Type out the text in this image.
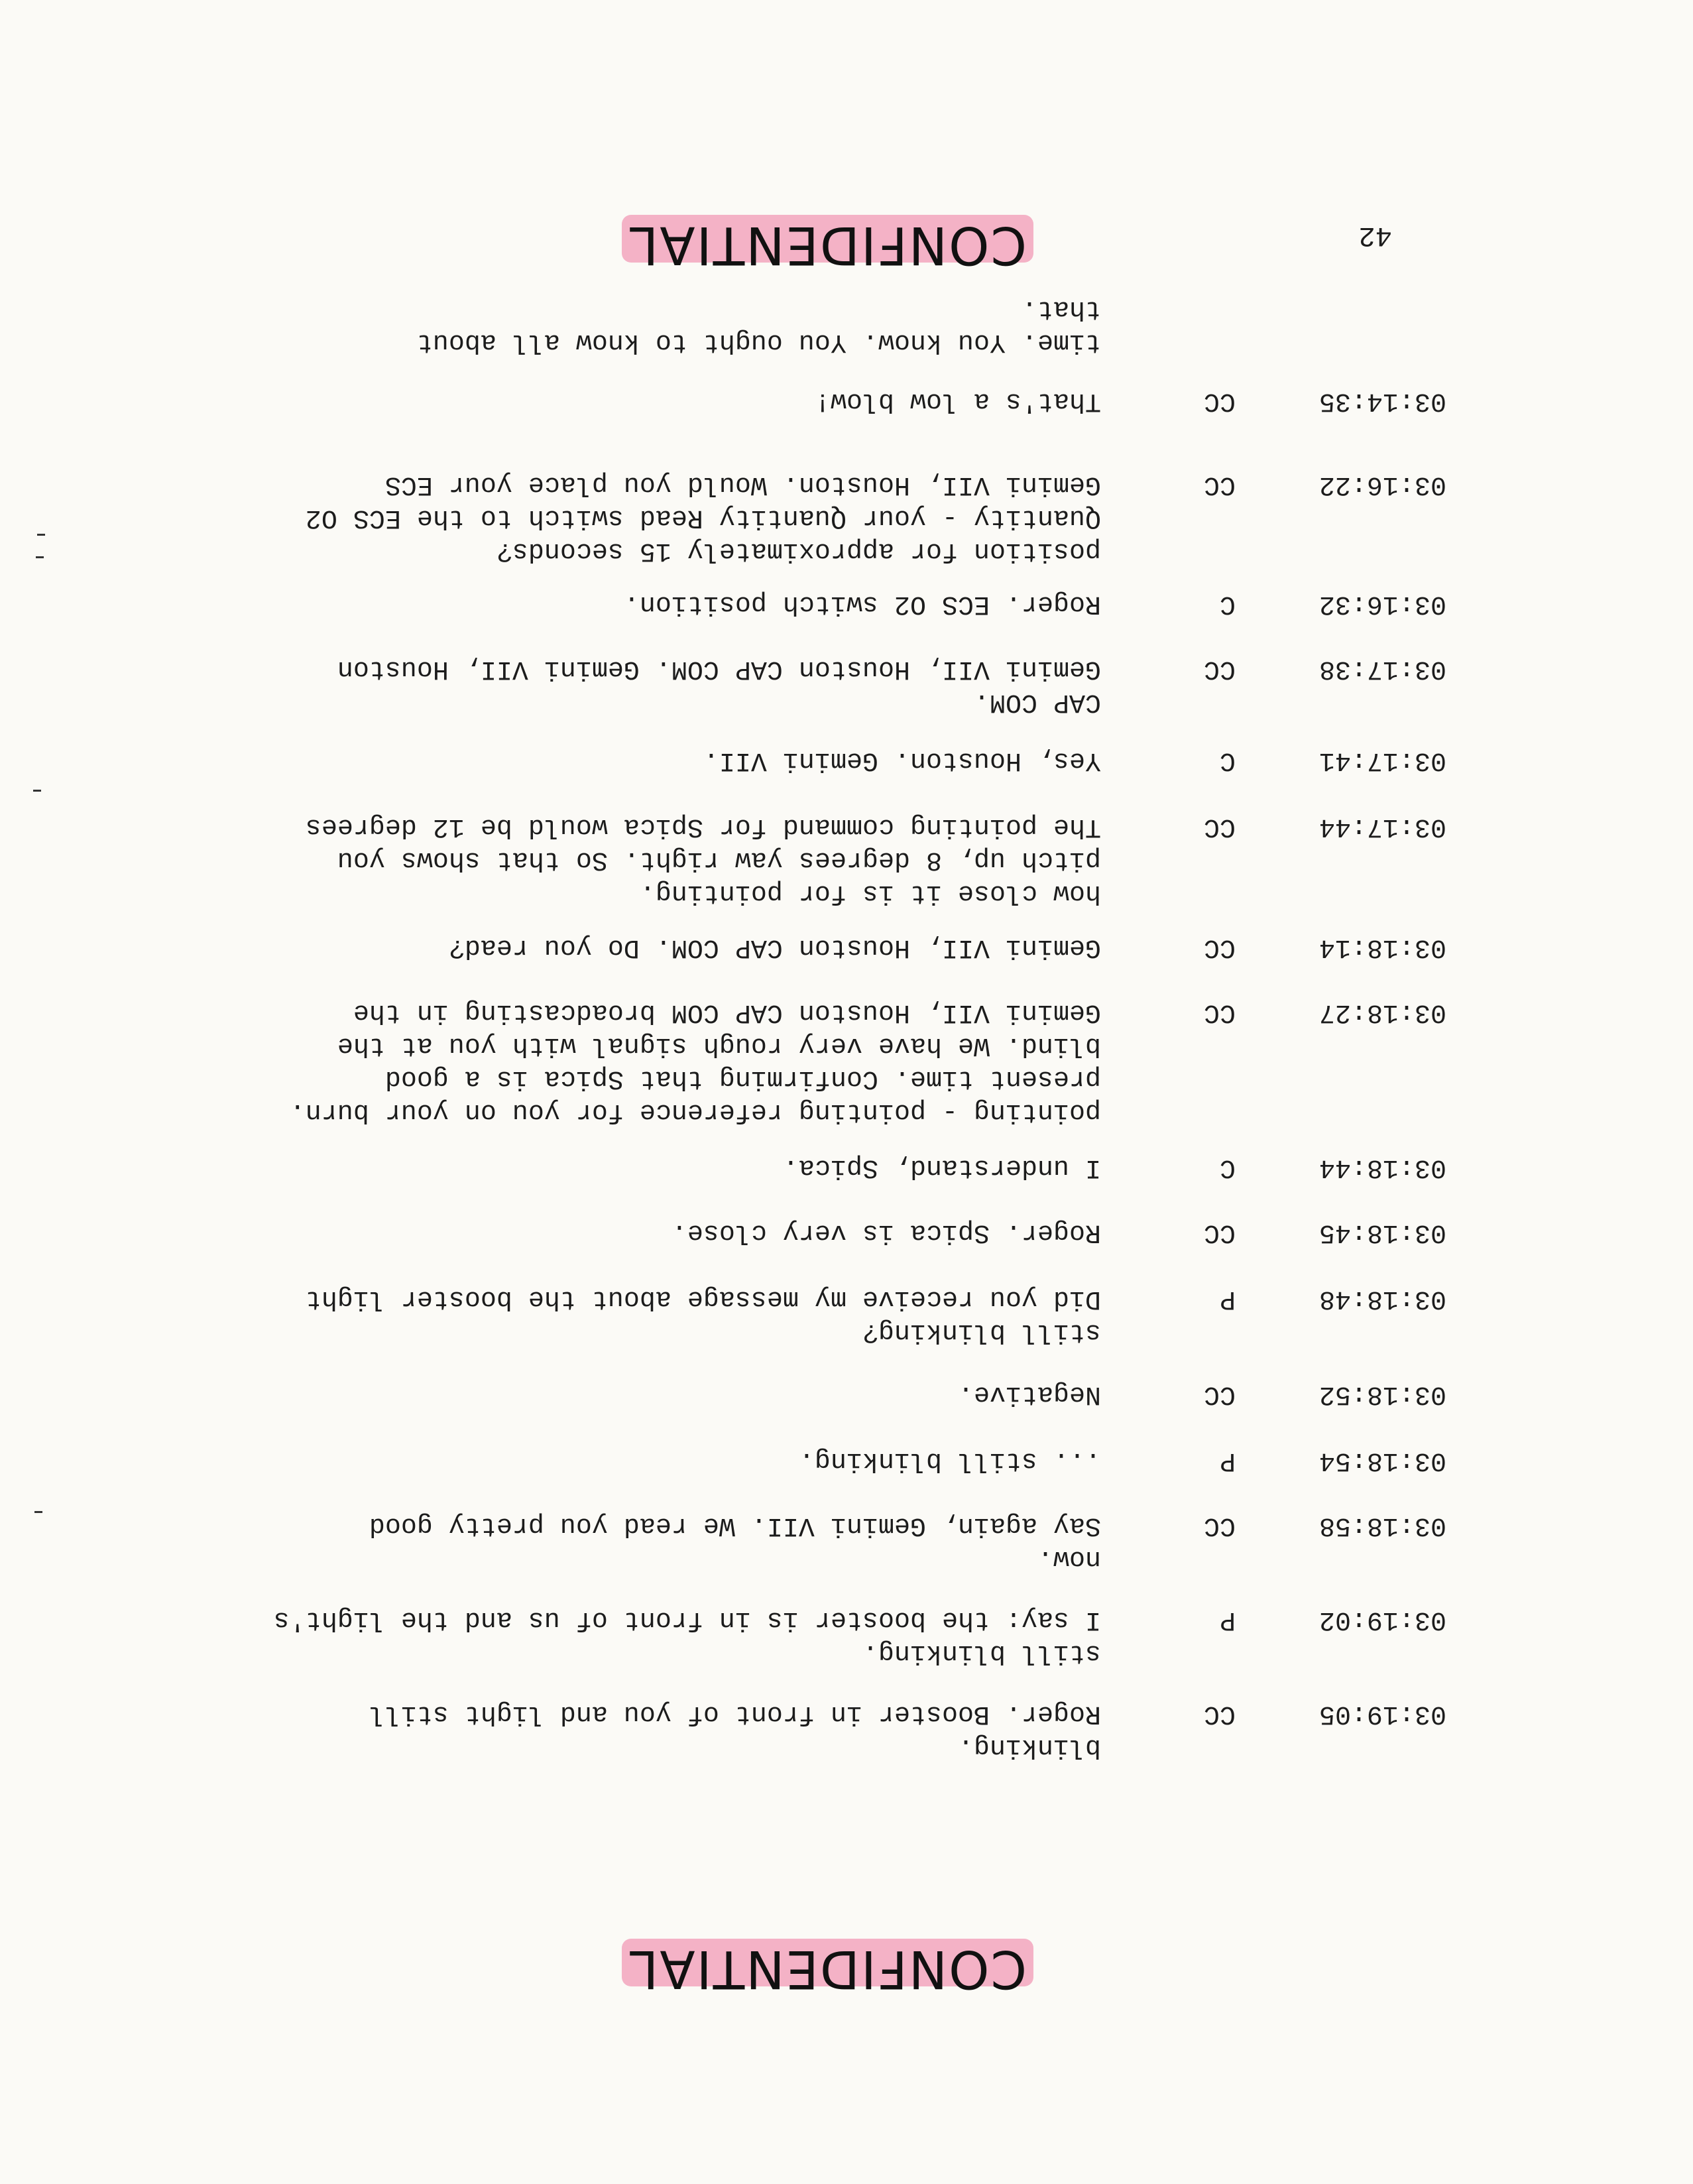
CONFIDENTIAL	42
time. You know. You ought to know all about
that.
03:14:35
CC
That's a low blow!
03:16:22
CC
Gemini VII, Houston. Would you place your ECS
Quantity - your Quantity Read switch to the ECS O2
position for approximately 15 seconds?
03:16:32
C
Roger. ECS O2 switch position.
03:17:38
CC
Gemini VII, Houston CAP COM. Gemini VII, Houston
CAP COM.
03:17:41
C
Yes, Houston. Gemini VII.
03:17:44
CC
The pointing command for Spica would be 12 degrees
pitch up, 8 degrees yaw right. So that shows you
how close it is for pointing.
03:18:14
CC
Gemini VII, Houston CAP COM. Do you read?
03:18:27
CC
Gemini VII, Houston CAP COM broadcasting in the
blind. We have very rough signal with you at the
present time. Confirming that Spica is a good
pointing - pointing reference for you on your burn.
03:18:44
C
I understand, Spica.
03:18:45
CC
Roger. Spica is very close.
03:18:48
P
Did you receive my message about the booster light
still blinking?
03:18:52
CC
Negative.
03:18:54
P
... still blinking.
03:18:58
CC
Say again, Gemini VII. We read you pretty good
now.
03:19:02
P
I say: the booster is in front of us and the light's
still blinking.
03:19:05
CC
Roger. Booster in front of you and light still
blinking.
CONFIDENTIAL
